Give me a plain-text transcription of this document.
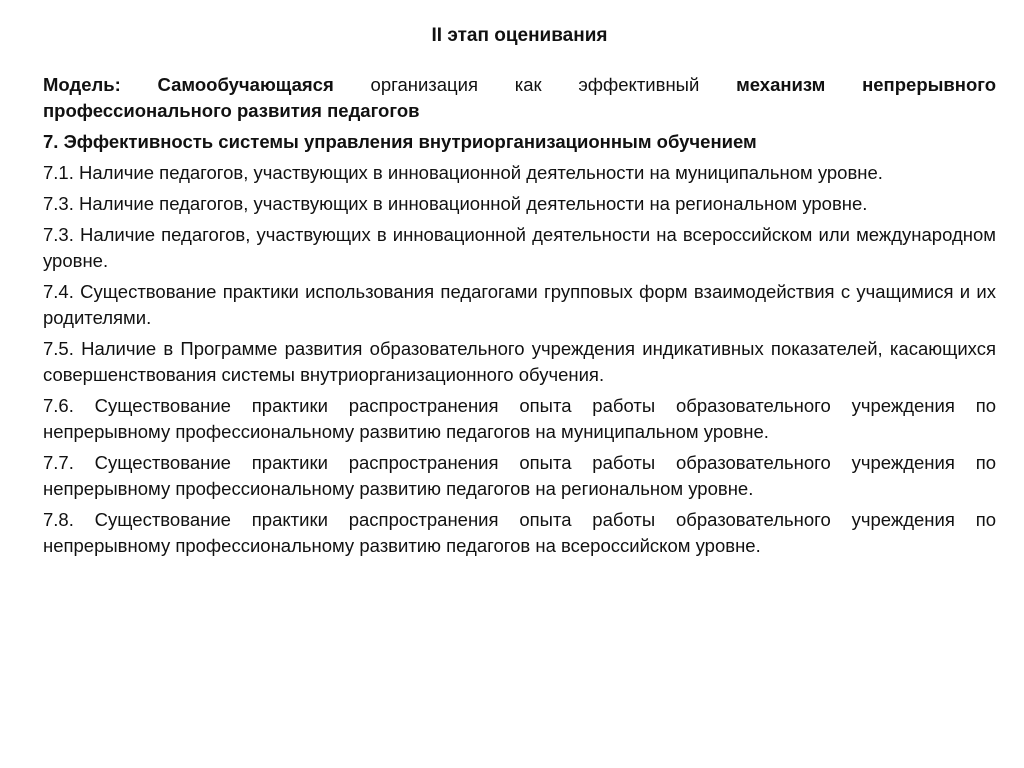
II этап оценивания

Модель: Самообучающаяся организация как эффективный механизм непрерывного профессионального развития педагогов

7. Эффективность системы управления внутриорганизационным обучением

7.1. Наличие педагогов, участвующих в инновационной деятельности на муниципальном уровне.

7.3. Наличие педагогов, участвующих в инновационной деятельности на региональном уровне.

7.3. Наличие педагогов, участвующих в инновационной деятельности на всероссийском или международном уровне.

7.4. Существование практики использования педагогами групповых форм взаимодействия с учащимися и их родителями.

7.5. Наличие в Программе развития образовательного учреждения индикативных показателей, касающихся совершенствования системы внутриорганизационного обучения.

7.6. Существование практики распространения опыта работы образовательного учреждения по непрерывному профессиональному развитию педагогов на муниципальном уровне.

7.7. Существование практики распространения опыта работы образовательного учреждения по непрерывному профессиональному развитию педагогов на региональном уровне.

7.8. Существование практики распространения опыта работы образовательного учреждения по непрерывному профессиональному развитию педагогов на всероссийском уровне.
